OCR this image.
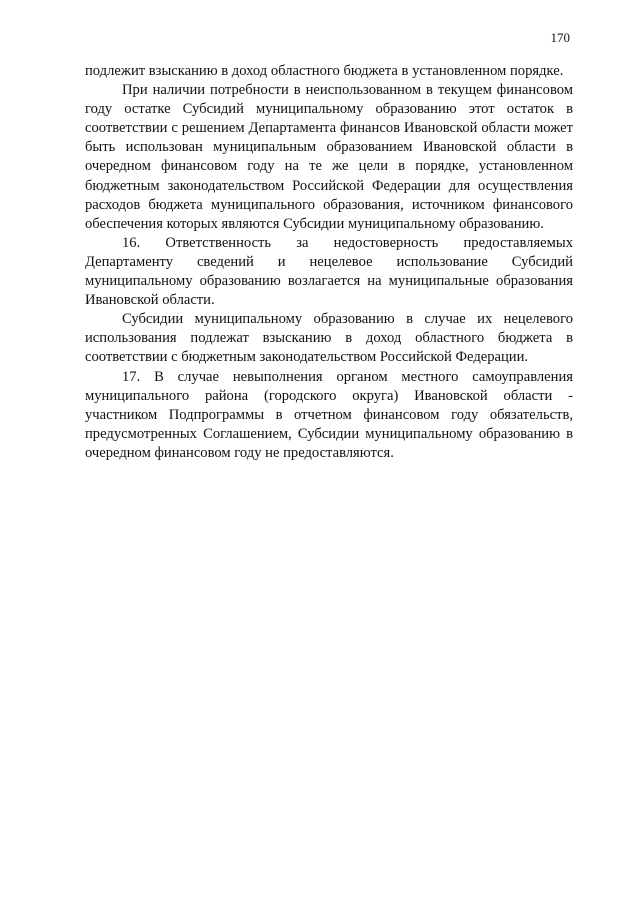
170

подлежит взысканию в доход областного бюджета в установленном порядке.

При наличии потребности в неиспользованном в текущем финансовом году остатке Субсидий муниципальному образованию этот остаток в соответствии с решением Департамента финансов Ивановской области может быть использован муниципальным образованием Ивановской области в очередном финансовом году на те же цели в порядке, установленном бюджетным законодательством Российской Федерации для осуществления расходов бюджета муниципального образования, источником финансового обеспечения которых являются Субсидии муниципальному образованию.

16. Ответственность за недостоверность предоставляемых Департаменту сведений и нецелевое использование Субсидий муниципальному образованию возлагается на муниципальные образования Ивановской области.

Субсидии муниципальному образованию в случае их нецелевого использования подлежат взысканию в доход областного бюджета в соответствии с бюджетным законодательством Российской Федерации.

17. В случае невыполнения органом местного самоуправления муниципального района (городского округа) Ивановской области - участником Подпрограммы в отчетном финансовом году обязательств, предусмотренных Соглашением, Субсидии муниципальному образованию в очередном финансовом году не предоставляются.
